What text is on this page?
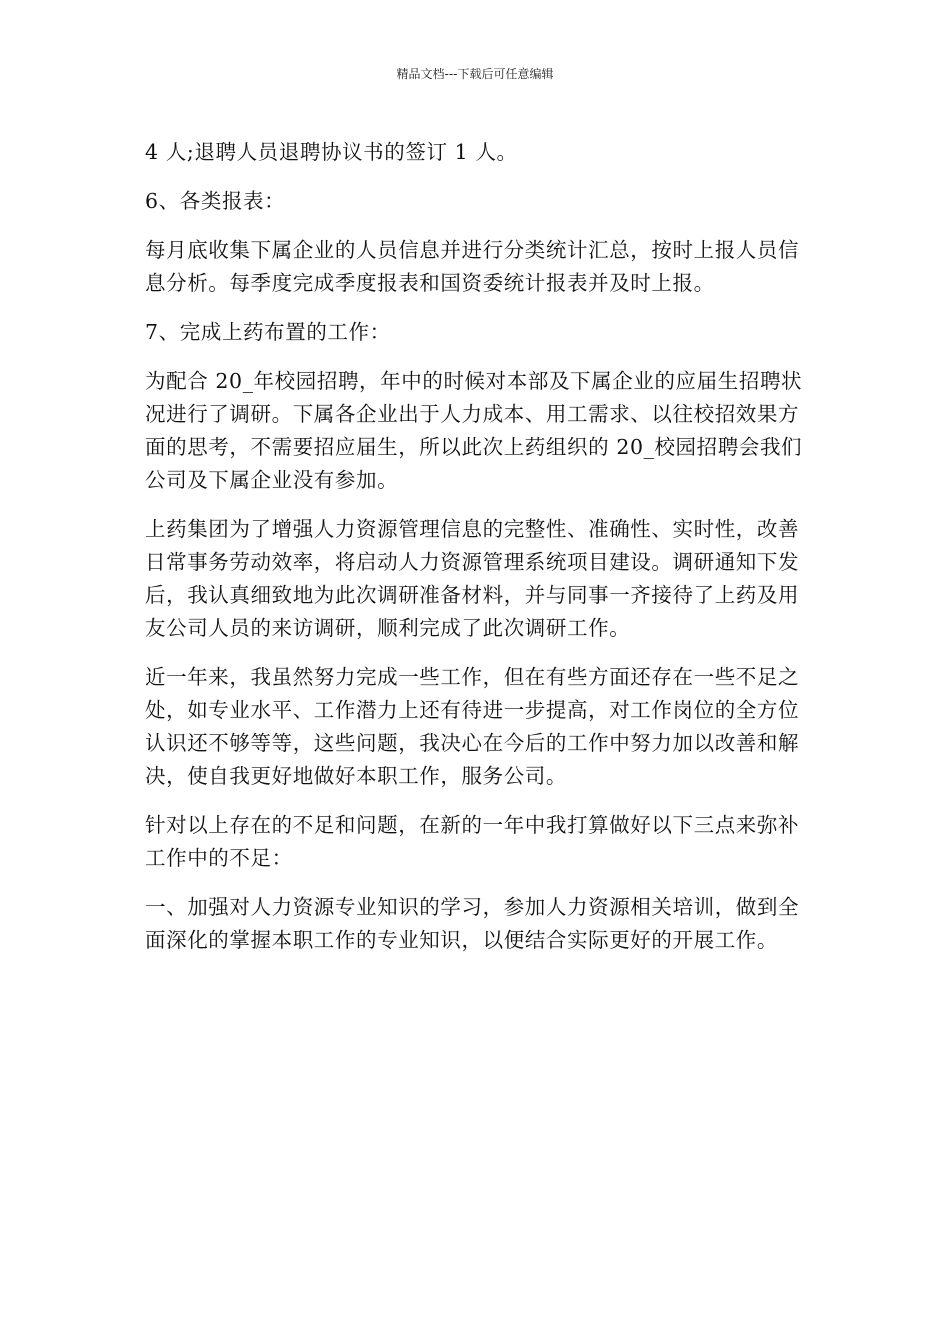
精品文档---下载后可任意编辑

4 人;退聘人员退聘协议书的签订 1 人。

6、各类报表：

每月底收集下属企业的人员信息并进行分类统计汇总，按时上报人员信息分析。每季度完成季度报表和国资委统计报表并及时上报。

7、完成上药布置的工作：

为配合 20_年校园招聘，年中的时候对本部及下属企业的应届生招聘状况进行了调研。下属各企业出于人力成本、用工需求、以往校招效果方面的思考，不需要招应届生，所以此次上药组织的 20_校园招聘会我们公司及下属企业没有参加。

上药集团为了增强人力资源管理信息的完整性、准确性、实时性，改善日常事务劳动效率，将启动人力资源管理系统项目建设。调研通知下发后，我认真细致地为此次调研准备材料，并与同事一齐接待了上药及用友公司人员的来访调研，顺利完成了此次调研工作。

近一年来，我虽然努力完成一些工作，但在有些方面还存在一些不足之处，如专业水平、工作潜力上还有待进一步提高，对工作岗位的全方位认识还不够等等，这些问题，我决心在今后的工作中努力加以改善和解决，使自我更好地做好本职工作，服务公司。

针对以上存在的不足和问题，在新的一年中我打算做好以下三点来弥补工作中的不足：

一、加强对人力资源专业知识的学习，参加人力资源相关培训，做到全面深化的掌握本职工作的专业知识，以便结合实际更好的开展工作。
